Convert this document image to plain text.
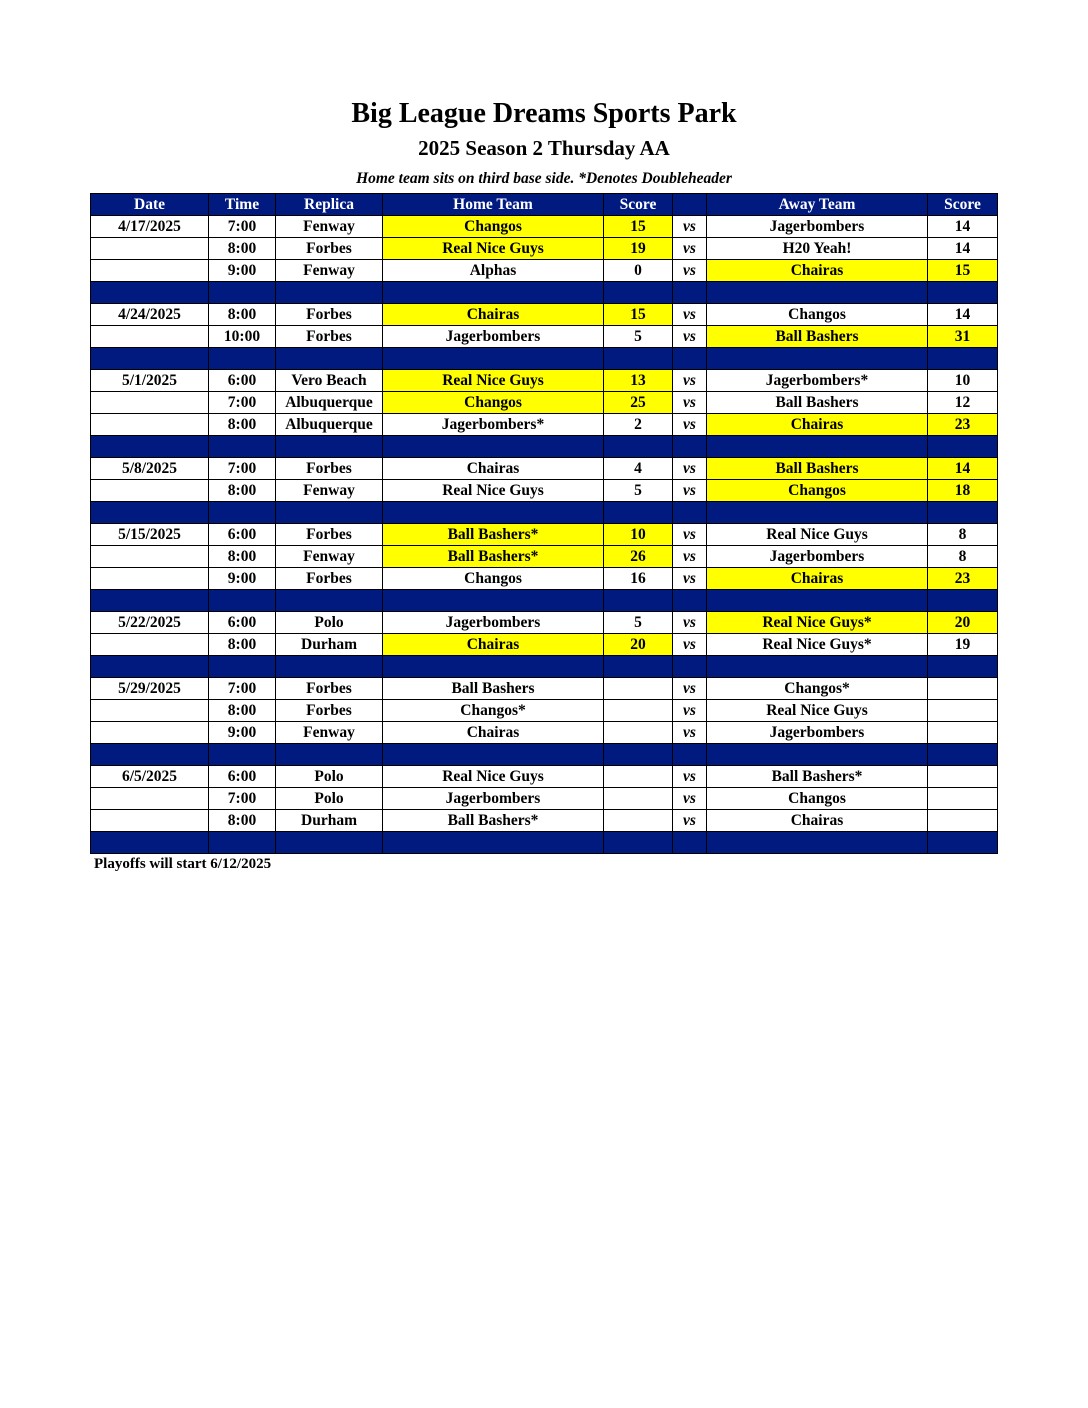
Big League Dreams Sports Park
2025 Season 2 Thursday AA
Home team sits on third base side. *Denotes Doubleheader
Date	Time	Replica	Home Team	Score		Away Team	Score
4/17/2025	7:00	Fenway	Changos	15	vs	Jagerbombers	14
	8:00	Forbes	Real Nice Guys	19	vs	H20 Yeah!	14
	9:00	Fenway	Alphas	0	vs	Chairas	15

4/24/2025	8:00	Forbes	Chairas	15	vs	Changos	14
	10:00	Forbes	Jagerbombers	5	vs	Ball Bashers	31

5/1/2025	6:00	Vero Beach	Real Nice Guys	13	vs	Jagerbombers*	10
	7:00	Albuquerque	Changos	25	vs	Ball Bashers	12
	8:00	Albuquerque	Jagerbombers*	2	vs	Chairas	23

5/8/2025	7:00	Forbes	Chairas	4	vs	Ball Bashers	14
	8:00	Fenway	Real Nice Guys	5	vs	Changos	18

5/15/2025	6:00	Forbes	Ball Bashers*	10	vs	Real Nice Guys	8
	8:00	Fenway	Ball Bashers*	26	vs	Jagerbombers	8
	9:00	Forbes	Changos	16	vs	Chairas	23

5/22/2025	6:00	Polo	Jagerbombers	5	vs	Real Nice Guys*	20
	8:00	Durham	Chairas	20	vs	Real Nice Guys*	19

5/29/2025	7:00	Forbes	Ball Bashers		vs	Changos*	
	8:00	Forbes	Changos*		vs	Real Nice Guys	
	9:00	Fenway	Chairas		vs	Jagerbombers	

6/5/2025	6:00	Polo	Real Nice Guys		vs	Ball Bashers*	
	7:00	Polo	Jagerbombers		vs	Changos	
	8:00	Durham	Ball Bashers*		vs	Chairas	

Playoffs will start 6/12/2025
